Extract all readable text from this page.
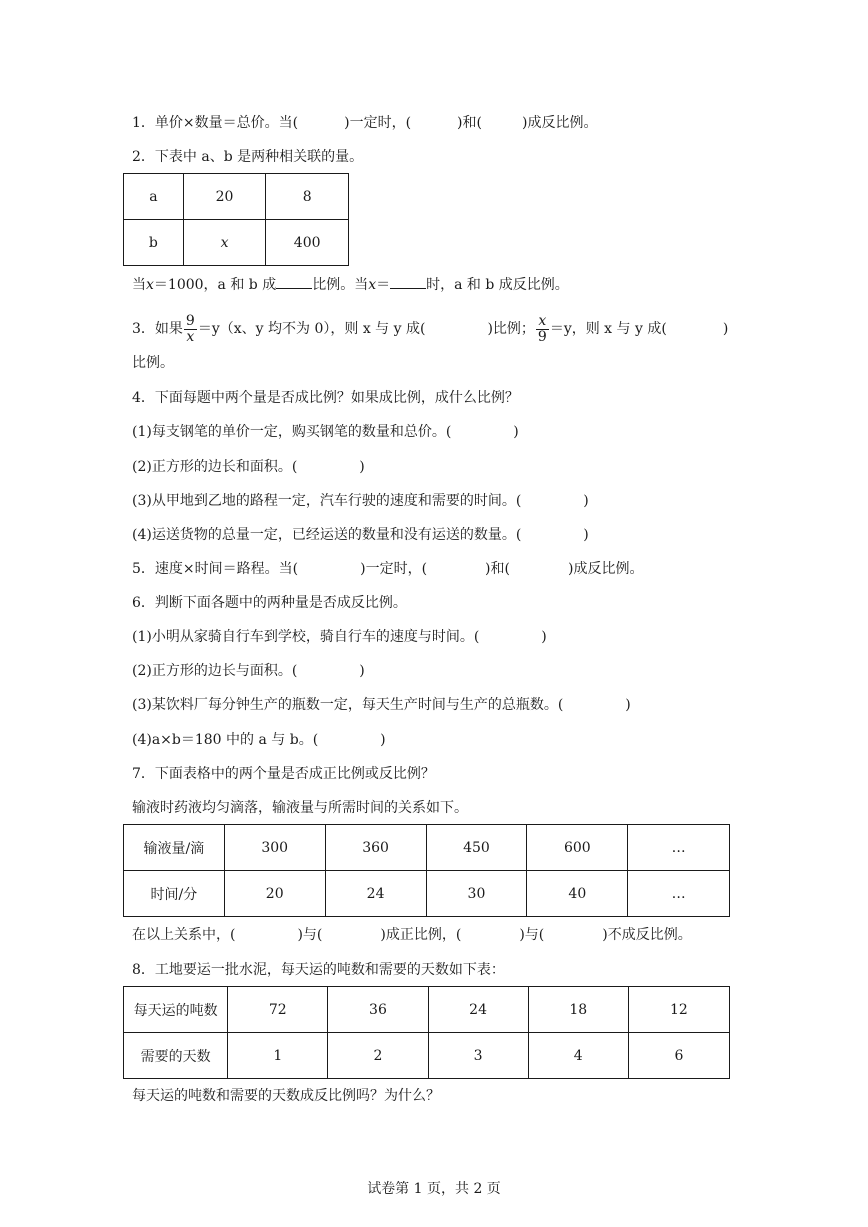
1．单价×数量＝总价。当(	)一定时，(	)和(	)成反比例。
2．下表中 a、b 是两种相关联的量。
a	20	8
b	x	400
当x＝1000，a 和 b 成	比例。当x＝	时，a 和 b 成反比例。
3．如果 $\frac{9}{x} =y(x$、y 均不为 0），则 x 与 y 成(	)比例； $\frac{x}{9} =y$，则 x 与 y 成(	)
比例。
4．下面每题中两个量是否成比例？如果成比例，成什么比例？
(1)每支钢笔的单价一定，购买钢笔的数量和总价。(	)
(2)正方形的边长和面积。(	)
(3)从甲地到乙地的路程一定，汽车行驶的速度和需要的时间。(	)
(4)运送货物的总量一定，已经运送的数量和没有运送的数量。(	)
5．速度×时间＝路程。当(	)一定时，(	)和(	)成反比例。
6．判断下面各题中的两种量是否成反比例。
(1)小明从家骑自行车到学校，骑自行车的速度与时间。(	)
(2)正方形的边长与面积。(	)
(3)某饮料厂每分钟生产的瓶数一定，每天生产时间与生产的总瓶数。(	)
(4)a×b＝180 中的 a 与 b。(	)
7．下面表格中的两个量是否成正比例或反比例？
输液时药液均匀滴落，输液量与所需时间的关系如下。
输液量/滴	300	360	450	600	…
时间/分	20	24	30	40	…
在以上关系中，(	)与(	)成正比例，(	)与(	)不成反比例。
8．工地要运一批水泥，每天运的吨数和需要的天数如下表：
每天运的吨数	72	36	24	18	12
需要的天数	1	2	3	4	6
每天运的吨数和需要的天数成反比例吗？为什么？
试卷第 1 页，共 2 页
